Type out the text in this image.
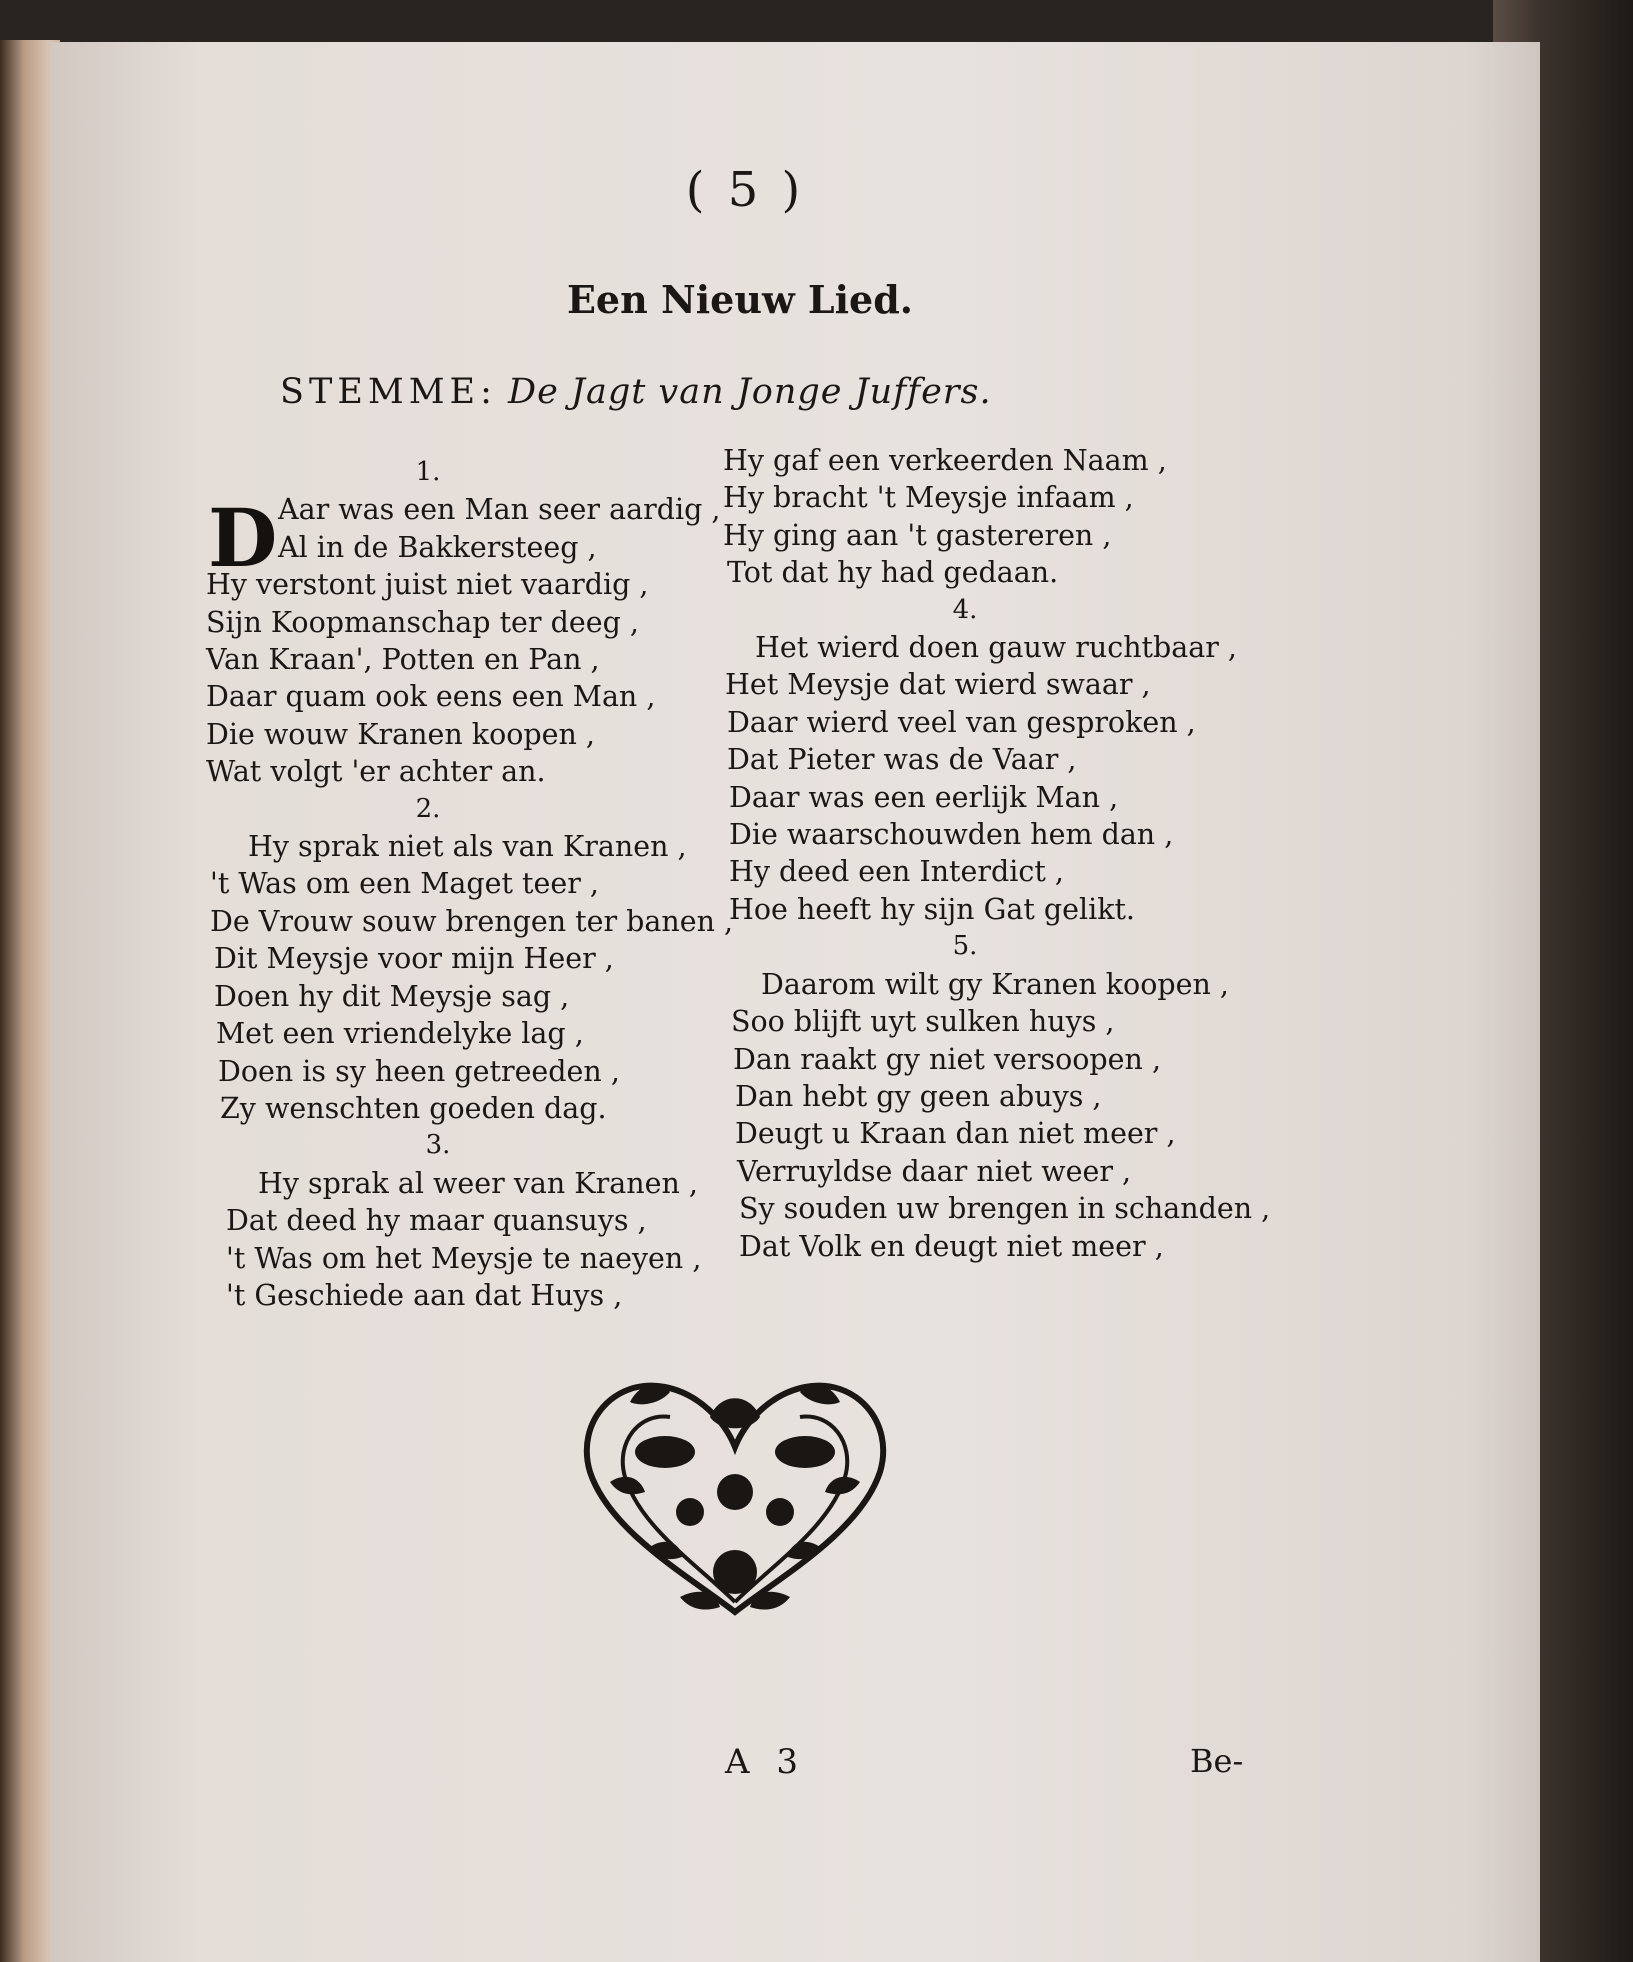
( 5 )
Een Nieuw Lied.
STEMME: De Jagt van Jonge Juffers.
1.
D Aar was een Man seer aardig ,
Al in de Bakkersteeg ,
Hy verstont juist niet vaardig ,
Sijn Koopmanschap ter deeg ,
Van Kraan', Potten en Pan ,
Daar quam ook eens een Man ,
Die wouw Kranen koopen ,
Wat volgt 'er achter an.
2.
Hy sprak niet als van Kranen ,
't Was om een Maget teer ,
De Vrouw souw brengen ter banen ,
Dit Meysje voor mijn Heer ,
Doen hy dit Meysje sag ,
Met een vriendelyke lag ,
Doen is sy heen getreeden ,
Zy wenschten goeden dag.
3.
Hy sprak al weer van Kranen ,
Dat deed hy maar quansuys ,
't Was om het Meysje te naeyen ,
't Geschiede aan dat Huys ,
Hy gaf een verkeerden Naam ,
Hy bracht 't Meysje infaam ,
Hy ging aan 't gastereren ,
Tot dat hy had gedaan.
4.
Het wierd doen gauw ruchtbaar ,
Het Meysje dat wierd swaar ,
Daar wierd veel van gesproken ,
Dat Pieter was de Vaar ,
Daar was een eerlijk Man ,
Die waarschouwden hem dan ,
Hy deed een Interdict ,
Hoe heeft hy sijn Gat gelikt.
5.
Daarom wilt gy Kranen koopen ,
Soo blijft uyt sulken huys ,
Dan raakt gy niet versoopen ,
Dan hebt gy geen abuys ,
Deugt u Kraan dan niet meer ,
Verruyldse daar niet weer ,
Sy souden uw brengen in schanden ,
Dat Volk en deugt niet meer ,
A 3	Be-
